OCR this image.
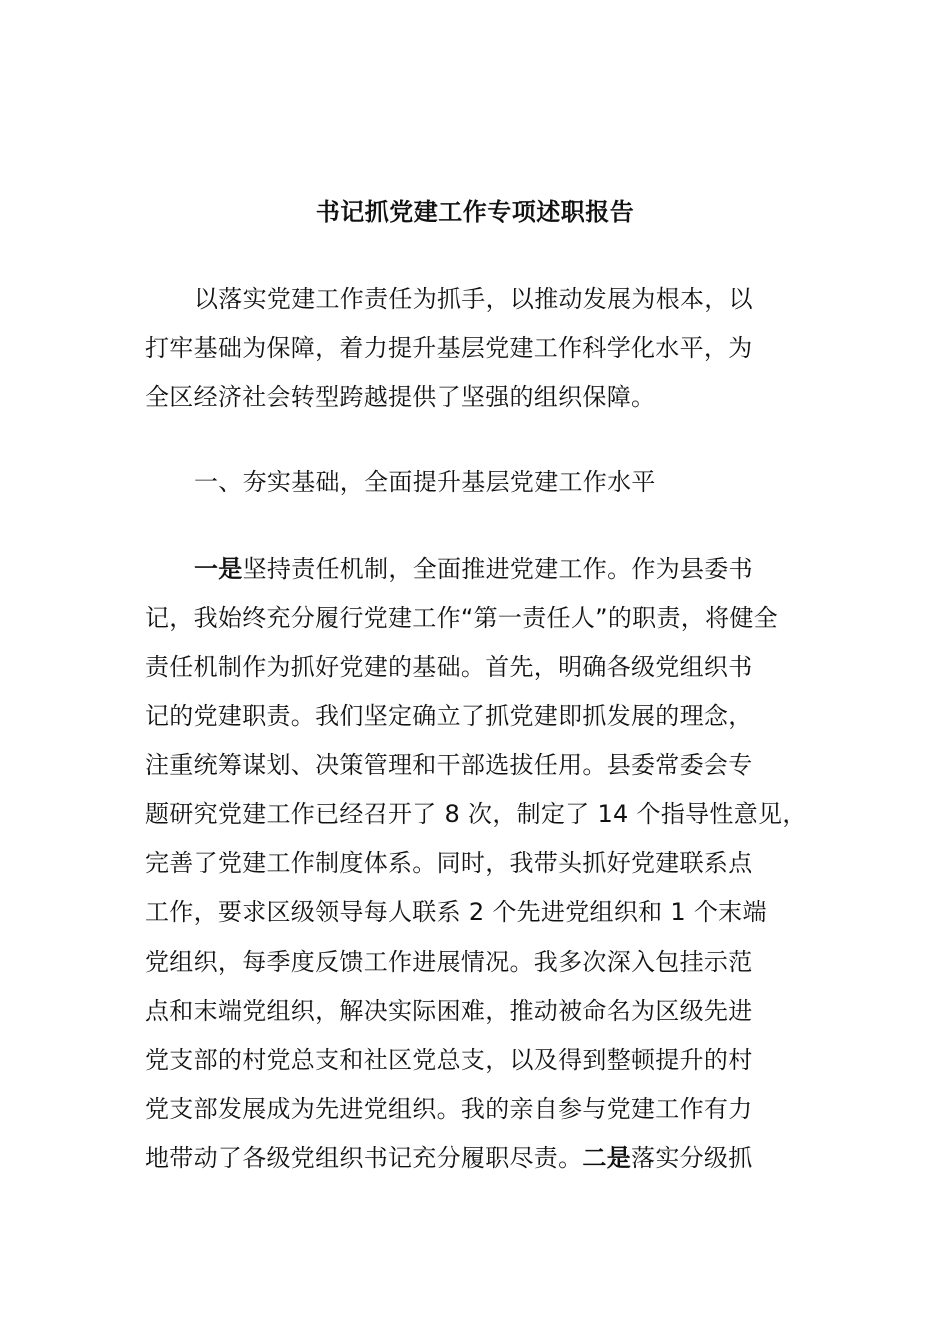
书记抓党建工作专项述职报告
以落实党建工作责任为抓手，以推动发展为根本，以
打牢基础为保障，着力提升基层党建工作科学化水平，为
全区经济社会转型跨越提供了坚强的组织保障。
一、夯实基础，全面提升基层党建工作水平
一是坚持责任机制，全面推进党建工作。作为县委书
记，我始终充分履行党建工作“第一责任人”的职责，将健全
责任机制作为抓好党建的基础。首先，明确各级党组织书
记的党建职责。我们坚定确立了抓党建即抓发展的理念，
注重统筹谋划、决策管理和干部选拔任用。县委常委会专
题研究党建工作已经召开了 8 次，制定了 14 个指导性意见，
完善了党建工作制度体系。同时，我带头抓好党建联系点
工作，要求区级领导每人联系 2 个先进党组织和 1 个末端
党组织，每季度反馈工作进展情况。我多次深入包挂示范
点和末端党组织，解决实际困难，推动被命名为区级先进
党支部的村党总支和社区党总支，以及得到整顿提升的村
党支部发展成为先进党组织。我的亲自参与党建工作有力
地带动了各级党组织书记充分履职尽责。二是落实分级抓
